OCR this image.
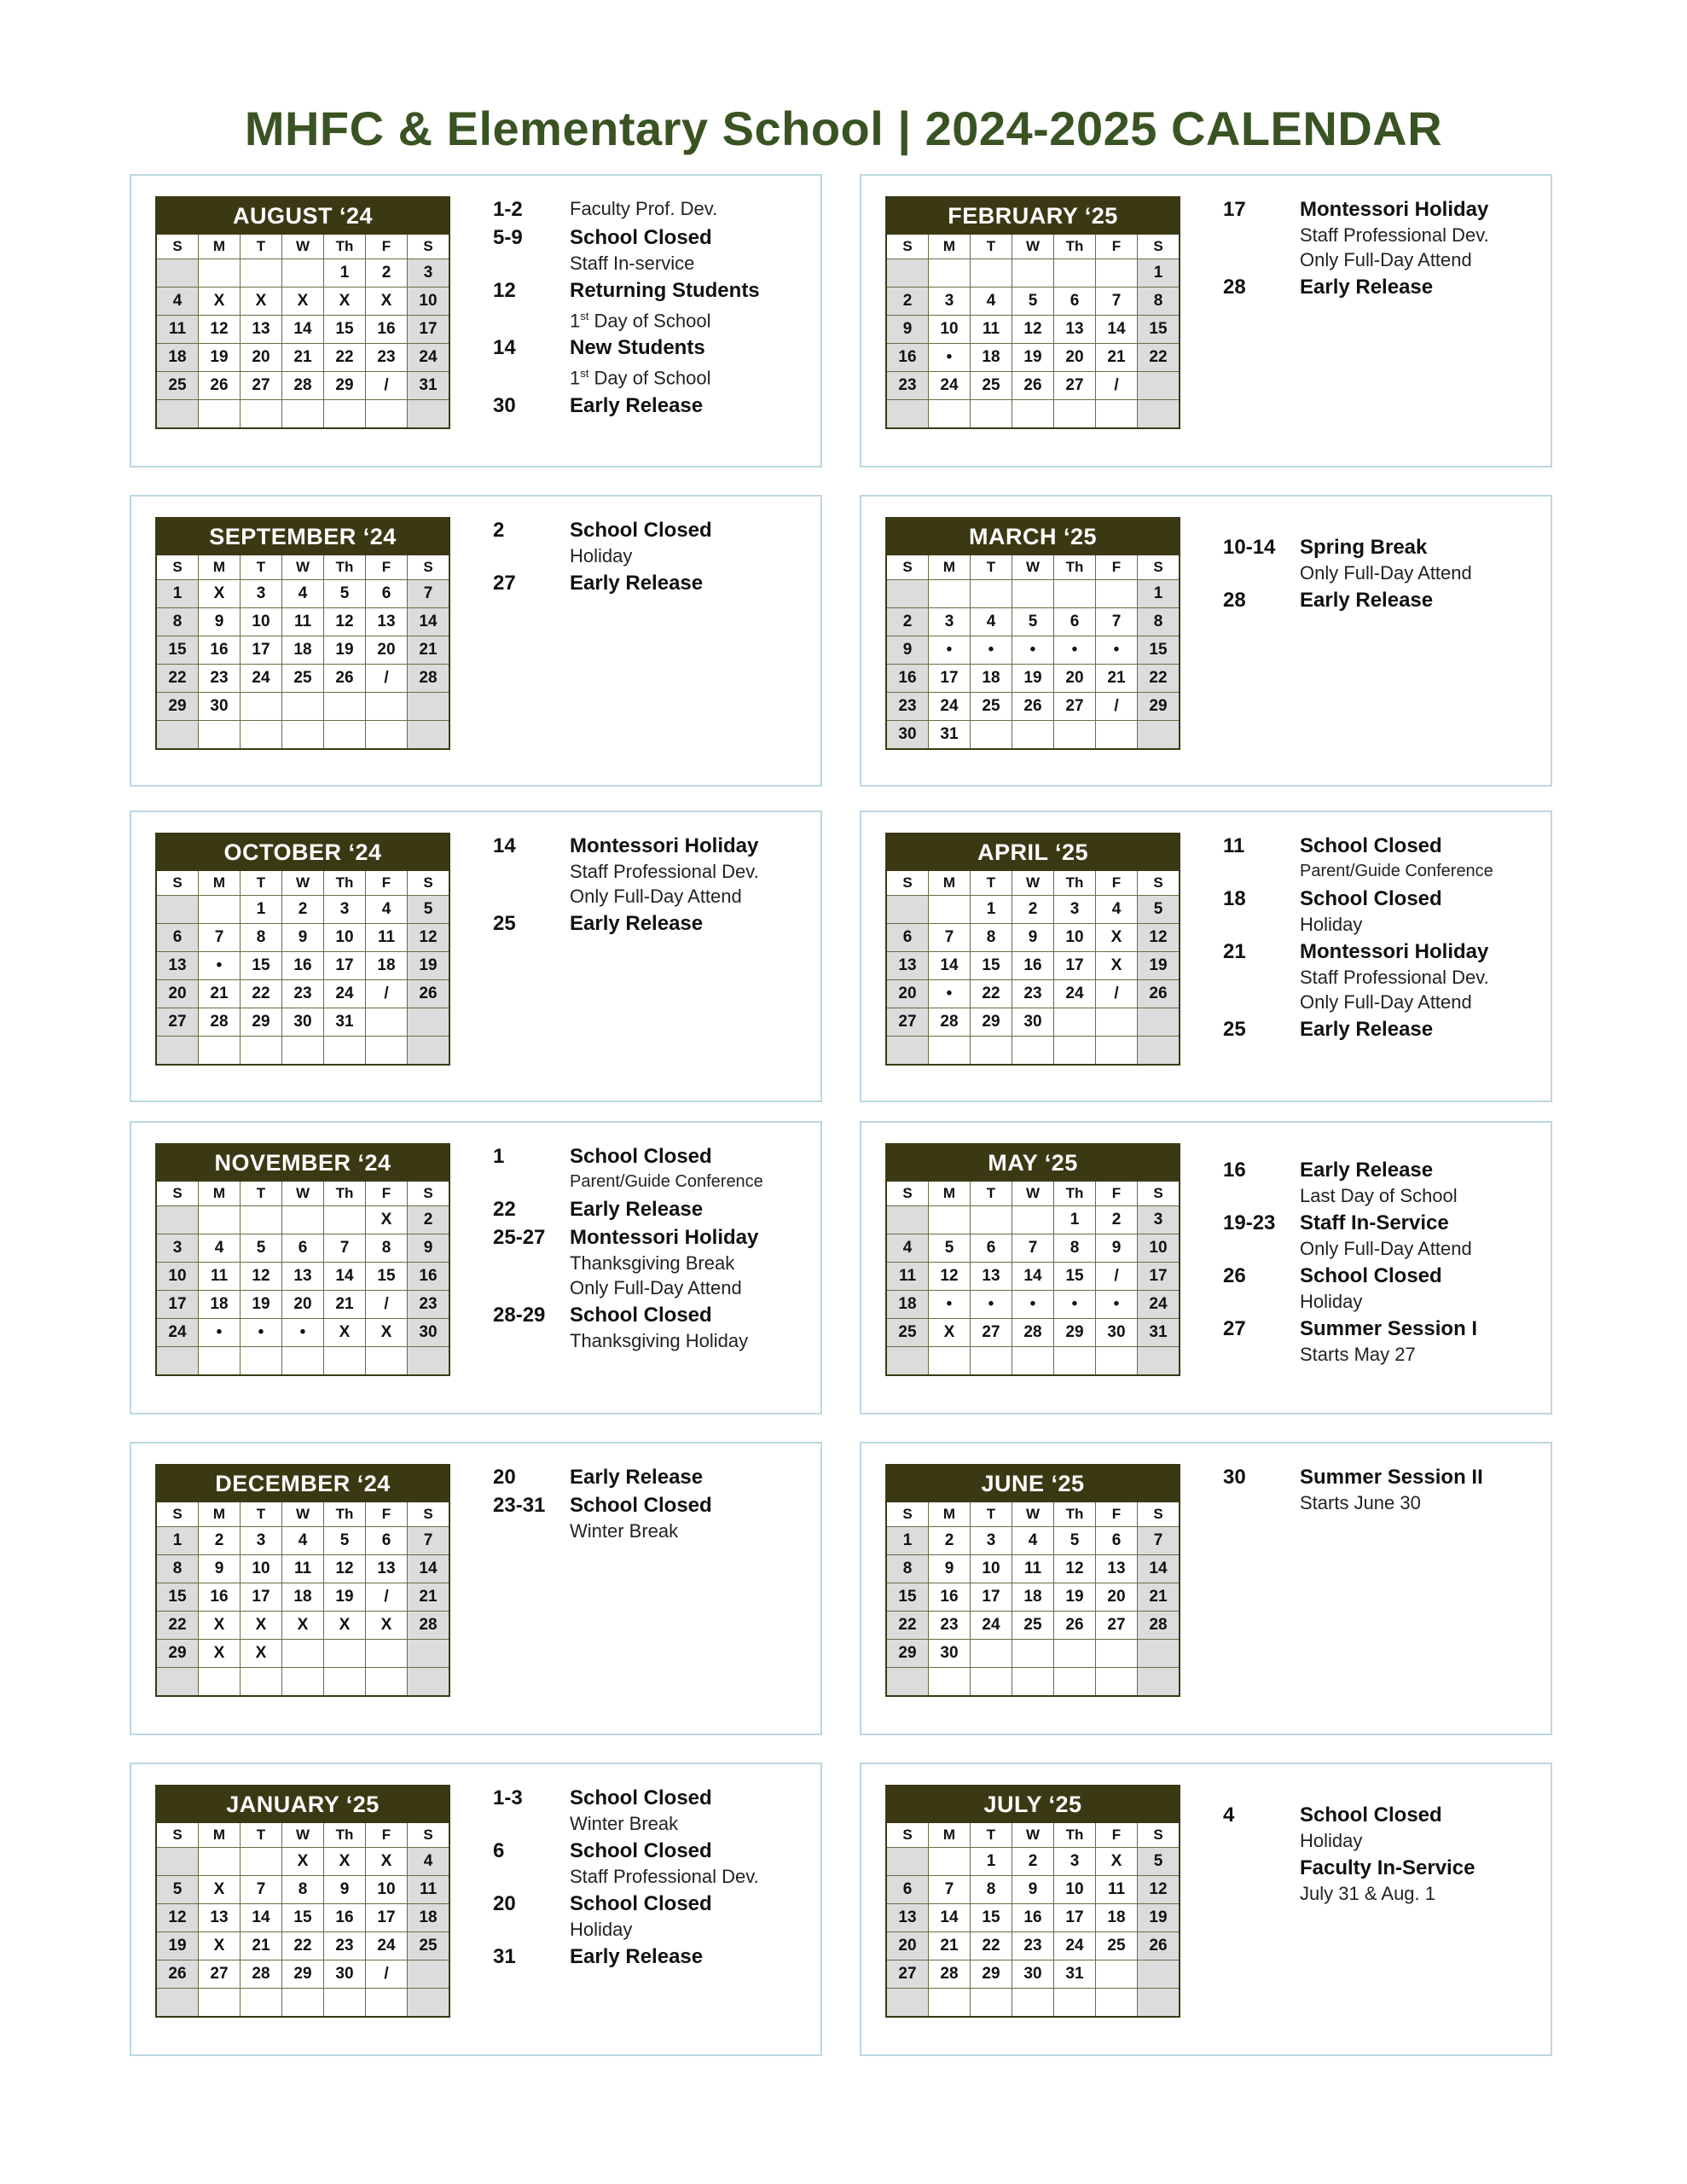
MHFC & Elementary School | 2024-2025 CALENDAR
AUGUST ‘24						
S	M	T	W	Th	F	S
				1	2	3
4	X	X	X	X	X	10
11	12	13	14	15	16	17
18	19	20	21	22	23	24
25	26	27	28	29	/	31

1-2	Faculty Prof. Dev.
5-9	School Closed
Staff In-service
12	Returning Students
1st Day of School
14	New Students
1st Day of School
30	Early Release
FEBRUARY ‘25						
S	M	T	W	Th	F	S
						1
2	3	4	5	6	7	8
9	10	11	12	13	14	15
16	•	18	19	20	21	22
23	24	25	26	27	/	

17	Montessori Holiday
Staff Professional Dev.
Only Full-Day Attend
28	Early Release
SEPTEMBER ‘24						
S	M	T	W	Th	F	S
1	X	3	4	5	6	7
8	9	10	11	12	13	14
15	16	17	18	19	20	21
22	23	24	25	26	/	28
29	30					

2	School Closed
Holiday
27	Early Release
MARCH ‘25						
S	M	T	W	Th	F	S
						1
2	3	4	5	6	7	8
9	•	•	•	•	•	15
16	17	18	19	20	21	22
23	24	25	26	27	/	29
30	31					
10-14	Spring Break
Only Full-Day Attend
28	Early Release
OCTOBER ‘24						
S	M	T	W	Th	F	S
		1	2	3	4	5
6	7	8	9	10	11	12
13	•	15	16	17	18	19
20	21	22	23	24	/	26
27	28	29	30	31		

14	Montessori Holiday
Staff Professional Dev.
Only Full-Day Attend
25	Early Release
APRIL ‘25						
S	M	T	W	Th	F	S
		1	2	3	4	5
6	7	8	9	10	X	12
13	14	15	16	17	X	19
20	•	22	23	24	/	26
27	28	29	30			

11	School Closed
Parent/Guide Conference
18	School Closed
Holiday
21	Montessori Holiday
Staff Professional Dev.
Only Full-Day Attend
25	Early Release
NOVEMBER ‘24						
S	M	T	W	Th	F	S
					X	2
3	4	5	6	7	8	9
10	11	12	13	14	15	16
17	18	19	20	21	/	23
24	•	•	•	X	X	30

1	School Closed
Parent/Guide Conference
22	Early Release
25-27	Montessori Holiday
Thanksgiving Break
Only Full-Day Attend
28-29	School Closed
Thanksgiving Holiday
MAY ‘25						
S	M	T	W	Th	F	S
				1	2	3
4	5	6	7	8	9	10
11	12	13	14	15	/	17
18	•	•	•	•	•	24
25	X	27	28	29	30	31

16	Early Release
Last Day of School
19-23	Staff In-Service
Only Full-Day Attend
26	School Closed
Holiday
27	Summer Session I
Starts May 27
DECEMBER ‘24						
S	M	T	W	Th	F	S
1	2	3	4	5	6	7
8	9	10	11	12	13	14
15	16	17	18	19	/	21
22	X	X	X	X	X	28
29	X	X				

20	Early Release
23-31	School Closed
Winter Break
JUNE ‘25						
S	M	T	W	Th	F	S
1	2	3	4	5	6	7
8	9	10	11	12	13	14
15	16	17	18	19	20	21
22	23	24	25	26	27	28
29	30					

30	Summer Session II
Starts June 30
JANUARY ‘25						
S	M	T	W	Th	F	S
			X	X	X	4
5	X	7	8	9	10	11
12	13	14	15	16	17	18
19	X	21	22	23	24	25
26	27	28	29	30	/	

1-3	School Closed
Winter Break
6	School Closed
Staff Professional Dev.
20	School Closed
Holiday
31	Early Release
JULY ‘25						
S	M	T	W	Th	F	S
		1	2	3	X	5
6	7	8	9	10	11	12
13	14	15	16	17	18	19
20	21	22	23	24	25	26
27	28	29	30	31		

4	School Closed
Holiday
Faculty In-Service
July 31 & Aug. 1
